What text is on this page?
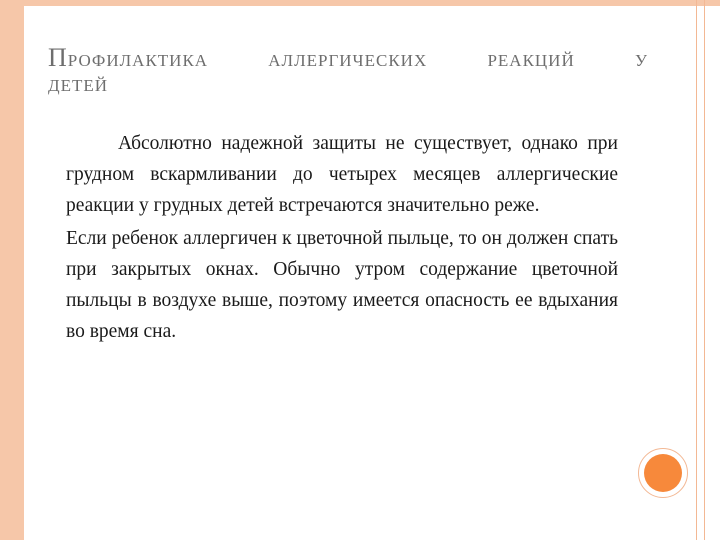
ПРОФИЛАКТИКА АЛЛЕРГИЧЕСКИХ РЕАКЦИЙ У
ДЕТЕЙ

Абсолютно надежной защиты не существует, однако при грудном вскармливании до четырех месяцев аллергические реакции у грудных детей встречаются значительно реже.

Если ребенок аллергичен к цветочной пыльце, то он должен спать при закрытых окнах. Обычно утром содержание цветочной пыльцы в воздухе выше, поэтому имеется опасность ее вдыхания во время сна.
